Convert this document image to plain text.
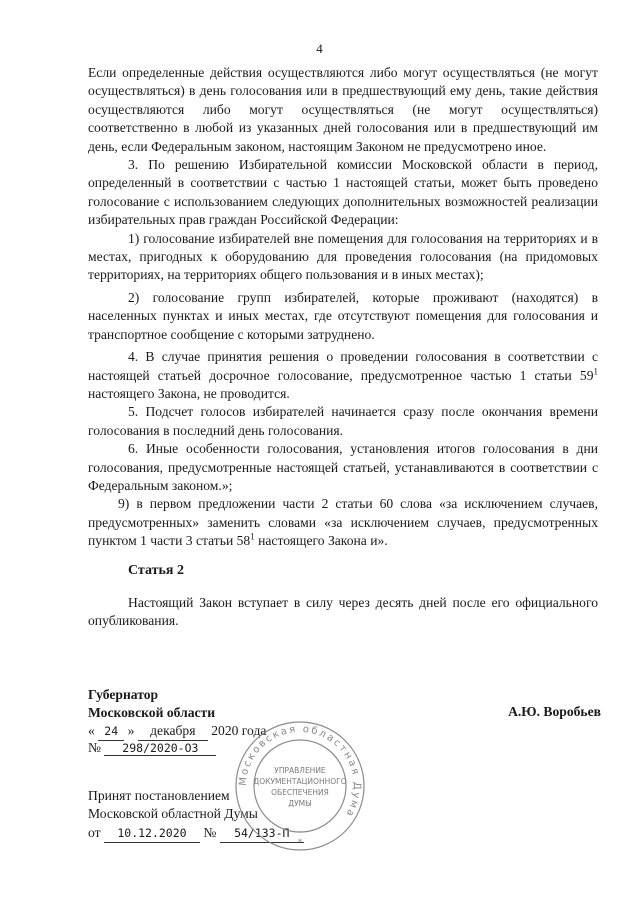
4

Если определенные действия осуществляются либо могут осуществляться (не могут осуществляться) в день голосования или в предшествующий ему день, такие действия осуществляются либо могут осуществляться (не могут осуществляться) соответственно в любой из указанных дней голосования или в предшествующий им день, если Федеральным законом, настоящим Законом не предусмотрено иное.

3. По решению Избирательной комиссии Московской области в период, определенный в соответствии с частью 1 настоящей статьи, может быть проведено голосование с использованием следующих дополнительных возможностей реализации избирательных прав граждан Российской Федерации:

1) голосование избирателей вне помещения для голосования на территориях и в местах, пригодных к оборудованию для проведения голосования (на придомовых территориях, на территориях общего пользования и в иных местах);

2) голосование групп избирателей, которые проживают (находятся) в населенных пунктах и иных местах, где отсутствуют помещения для голосования и транспортное сообщение с которыми затруднено.

4. В случае принятия решения о проведении голосования в соответствии с настоящей статьей досрочное голосование, предусмотренное частью 1 статьи $59^1$ настоящего Закона, не проводится.

5. Подсчет голосов избирателей начинается сразу после окончания времени голосования в последний день голосования.

6. Иные особенности голосования, установления итогов голосования в дни голосования, предусмотренные настоящей статьей, устанавливаются в соответствии с Федеральным законом.»;

9) в первом предложении части 2 статьи 60 слова «за исключением случаев, предусмотренных» заменить словами «за исключением случаев, предусмотренных пунктом 1 части 3 статьи $58^1$ настоящего Закона и».

Статья 2
Настоящий Закон вступает в силу через десять дней после его официального опубликования.
Губернатор
Московской области	А.Ю. Воробьев
« 24 » декабря 2020 года
№ 298/2020-ОЗ
Принят постановлением
Московской областной Думы
от 10.12.2020 № 54/133-П
Московская областная Дума
УПРАВЛЕНИЕ
ДОКУМЕНТАЦИОННОГО
ОБЕСПЕЧЕНИЯ
ДУМЫ
*
